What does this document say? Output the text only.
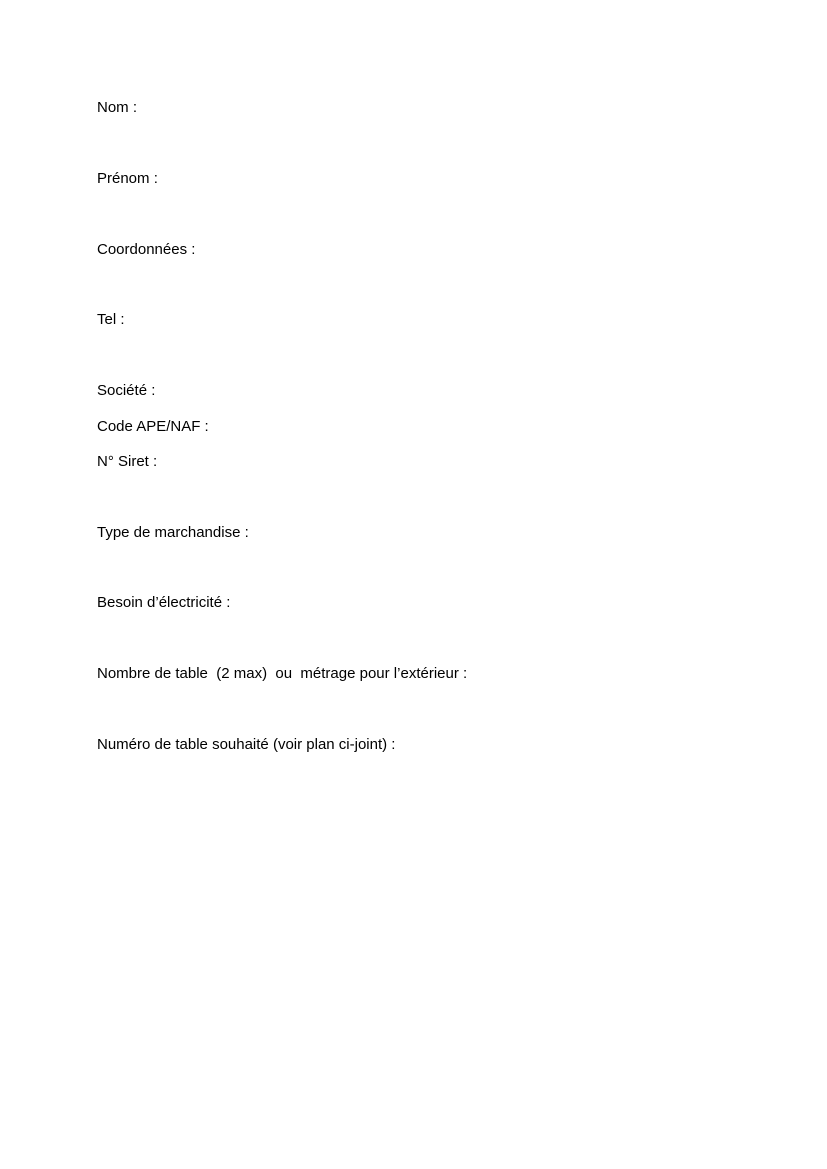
Nom :
Prénom :
Coordonnées :
Tel :
Société :
Code APE/NAF :
N° Siret :
Type de marchandise :
Besoin d’électricité :
Nombre de table  (2 max)  ou  métrage pour l’extérieur :
Numéro de table souhaité (voir plan ci-joint) :
